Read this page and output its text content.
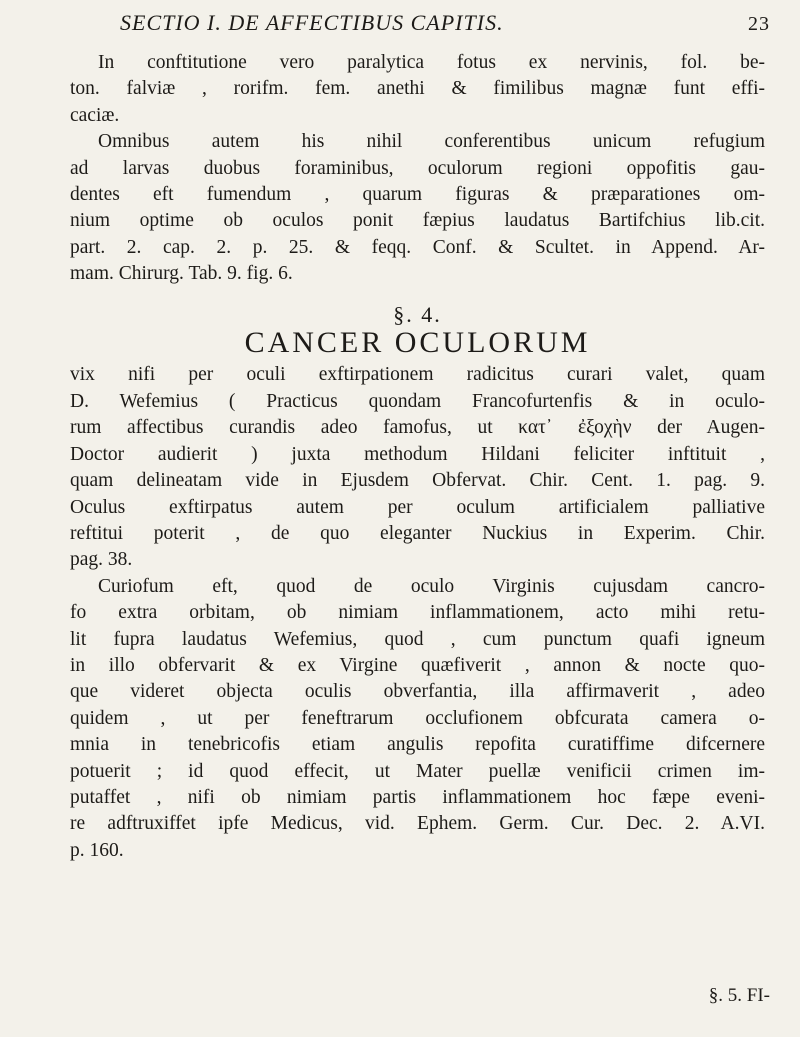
SECTIO I. DE AFFECTIBUS CAPITIS.	23

In conftitutione vero paralytica fotus ex nervinis, fol. be-
ton. falviæ , rorifm. fem. anethi & fimilibus magnæ funt effi-
caciæ.

Omnibus autem his nihil conferentibus unicum refugium
ad larvas duobus foraminibus, oculorum regioni oppofitis gau-
dentes eft fumendum , quarum figuras & præparationes om-
nium optime ob oculos ponit fæpius laudatus Bartifchius lib.cit.
part. 2. cap. 2. p. 25. & feqq. Conf. & Scultet. in Append. Ar-
mam. Chirurg. Tab. 9. fig. 6.

§. 4.
CANCER OCULORUM

vix nifi per oculi exftirpationem radicitus curari valet, quam
D. Wefemius ( Practicus quondam Francofurtenfis & in oculo-
rum affectibus curandis adeo famofus, ut κατ᾽ ἐξοχὴν der Augen-
Doctor audierit ) juxta methodum Hildani feliciter inftituit ,
quam delineatam vide in Ejusdem Obfervat. Chir. Cent. 1. pag. 9.
Oculus exftirpatus autem per oculum artificialem palliative
reftitui poterit , de quo eleganter Nuckius in Experim. Chir.
pag. 38.

Curiofum eft, quod de oculo Virginis cujusdam cancro-
fo extra orbitam, ob nimiam inflammationem, acto mihi retu-
lit fupra laudatus Wefemius, quod , cum punctum quafi igneum
in illo obfervarit & ex Virgine quæfiverit , annon & nocte quo-
que videret objecta oculis obverfantia, illa affirmaverit , adeo
quidem , ut per feneftrarum occlufionem obfcurata camera o-
mnia in tenebricofis etiam angulis repofita curatiffime difcernere
potuerit ; id quod effecit, ut Mater puellæ venificii crimen im-
putaffet , nifi ob nimiam partis inflammationem hoc fæpe eveni-
re adftruxiffet ipfe Medicus, vid. Ephem. Germ. Cur. Dec. 2. A.VI.
p. 160.

§. 5. FI-
